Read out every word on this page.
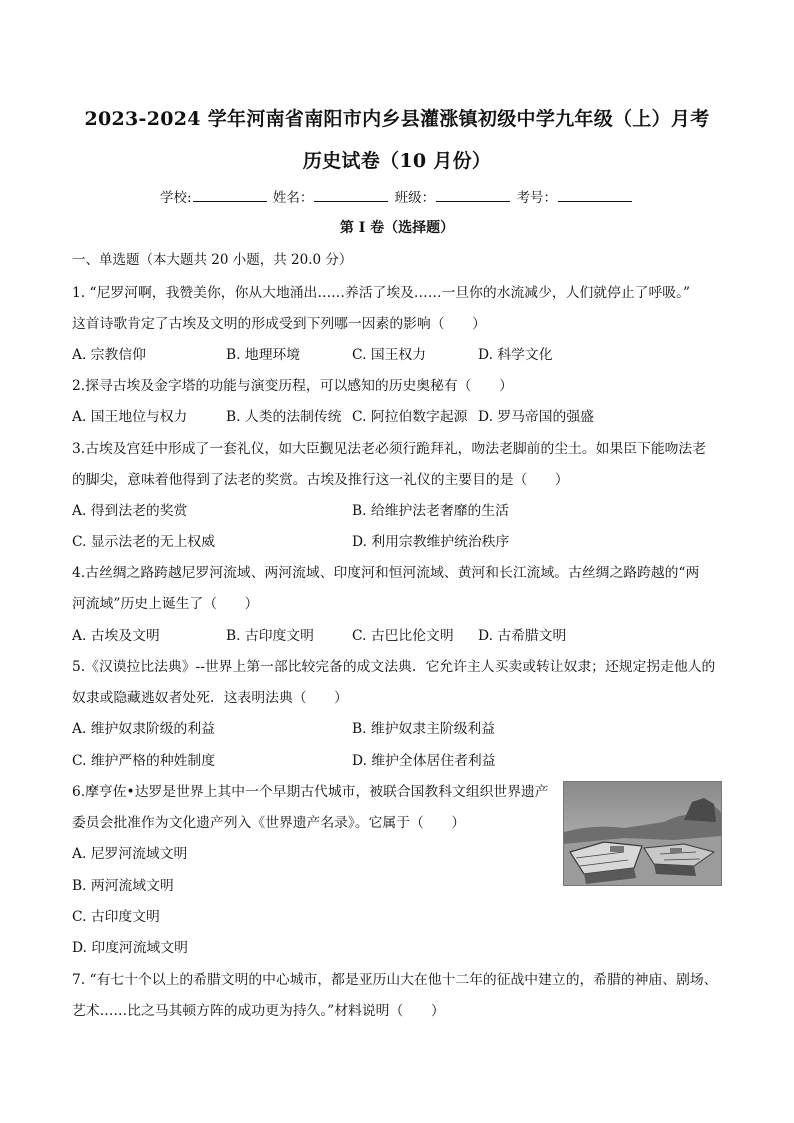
2023-2024 学年河南省南阳市内乡县灌涨镇初级中学九年级（上）月考
历史试卷（10 月份）
学校:	姓名：	班级：	考号：
第 I 卷（选择题）
一、单选题（本大题共 20 小题，共 20.0 分）
1. “尼罗河啊，我赞美你，你从大地涌出……养活了埃及……一旦你的水流减少，人们就停止了呼吸。”
这首诗歌肯定了古埃及文明的形成受到下列哪一因素的影响（　　）
A. 宗教信仰	B. 地理环境	C. 国王权力	D. 科学文化
2.探寻古埃及金字塔的功能与演变历程，可以感知的历史奥秘有（　　）
A. 国王地位与权力	B. 人类的法制传统 C. 阿拉伯数字起源 D. 罗马帝国的强盛
3.古埃及宫廷中形成了一套礼仪，如大臣觐见法老必须行跪拜礼，吻法老脚前的尘土。如果臣下能吻法老
的脚尖，意味着他得到了法老的奖赏。古埃及推行这一礼仪的主要目的是（　　）
A. 得到法老的奖赏	B. 给维护法老奢靡的生活
C. 显示法老的无上权威	D. 利用宗教维护统治秩序
4.古丝绸之路跨越尼罗河流域、两河流域、印度河和恒河流域、黄河和长江流域。古丝绸之路跨越的“两
河流域”历史上诞生了（　　）
A. 古埃及文明	B. 古印度文明	C. 古巴比伦文明 D. 古希腊文明
5.《汉谟拉比法典》--世界上第一部比较完备的成文法典．它允许主人买卖或转让奴隶；还规定拐走他人的
奴隶或隐藏逃奴者处死．这表明法典（　　）
A. 维护奴隶阶级的利益	B. 维护奴隶主阶级利益
C. 维护严格的种姓制度	D. 维护全体居住者利益
6.摩亨佐•达罗是世界上其中一个早期古代城市，被联合国教科文组织世界遗产
委员会批准作为文化遗产列入《世界遗产名录》。它属于（　　）
A. 尼罗河流域文明
B. 两河流域文明
C. 古印度文明
D. 印度河流域文明
7. “有七十个以上的希腊文明的中心城市，都是亚历山大在他十二年的征战中建立的，希腊的神庙、剧场、
艺术……比之马其顿方阵的成功更为持久。”材料说明（　　）
